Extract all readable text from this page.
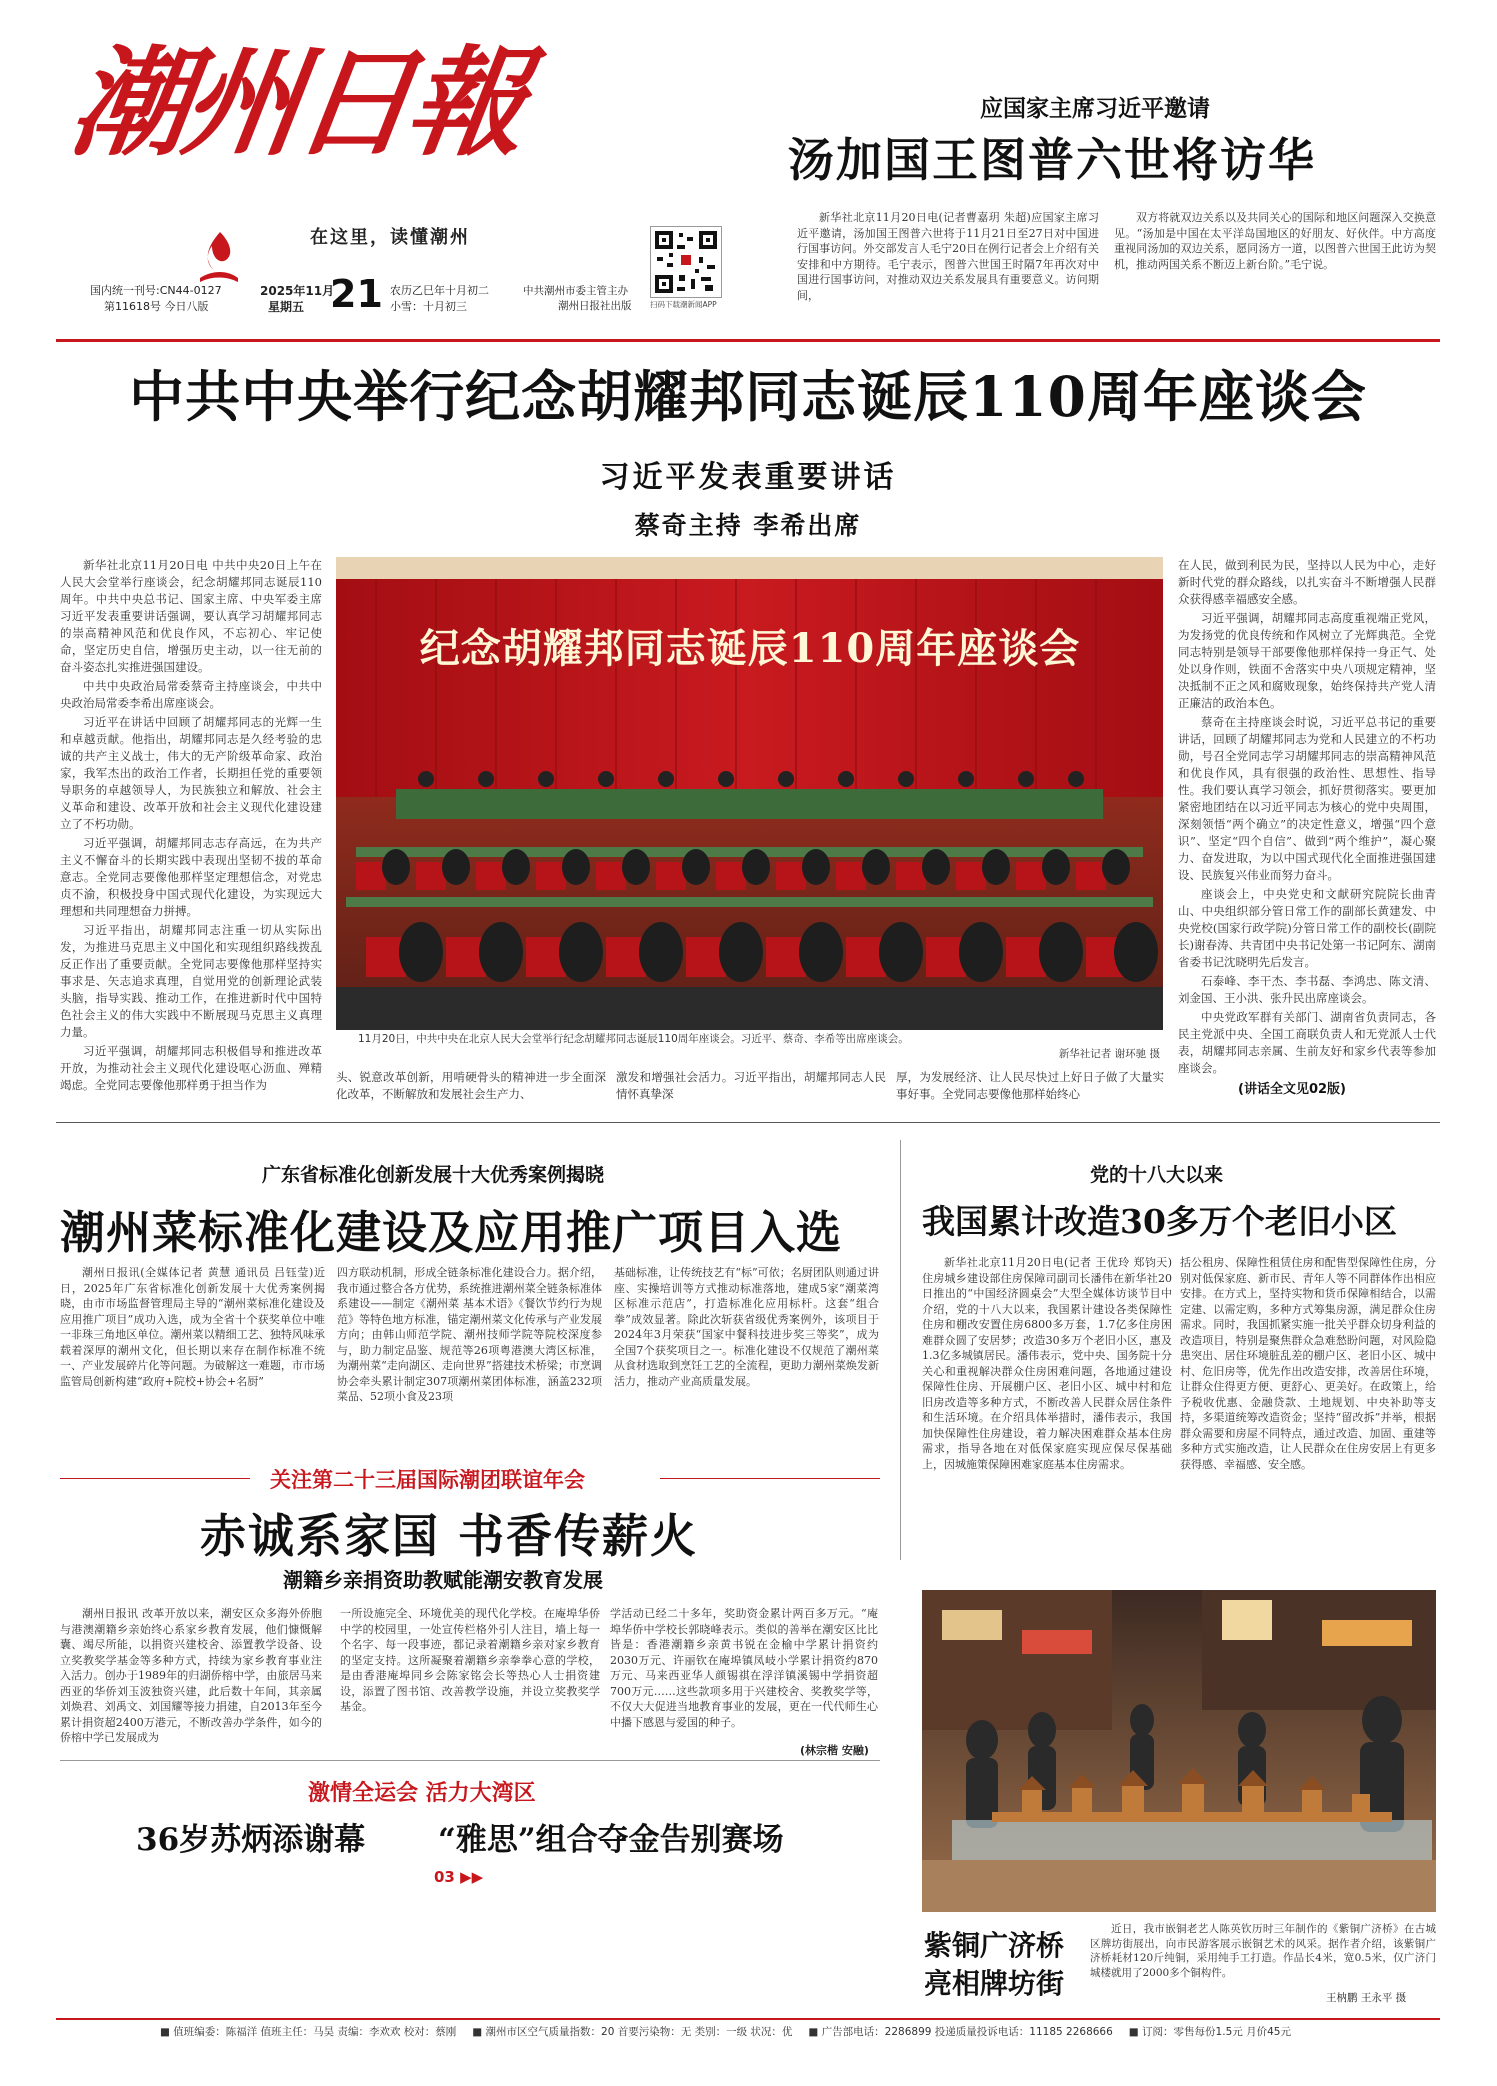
潮州日報
在这里，读懂潮州
国内统一刊号:CN44-0127
第11618号 今日八版
2025年11月
星期五 21 农历乙巳年十月初二
小雪：十月初三
中共潮州市委主管主办
潮州日报社出版 扫码下载潮新闻APP
应国家主席习近平邀请
汤加国王图普六世将访华

新华社北京11月20日电(记者曹嘉玥 朱超)应国家主席习近平邀请，汤加国王图普六世将于11月21日至27日对中国进行国事访问。外交部发言人毛宁20日在例行记者会上介绍有关安排和中方期待。毛宁表示，图普六世国王时隔7年再次对中国进行国事访问，对推动双边关系发展具有重要意义。访问期间，

双方将就双边关系以及共同关心的国际和地区问题深入交换意见。“汤加是中国在太平洋岛国地区的好朋友、好伙伴。中方高度重视同汤加的双边关系，愿同汤方一道，以图普六世国王此访为契机，推动两国关系不断迈上新台阶。”毛宁说。

中共中央举行纪念胡耀邦同志诞辰110周年座谈会
习近平发表重要讲话
蔡奇主持 李希出席

新华社北京11月20日电 中共中央20日上午在人民大会堂举行座谈会，纪念胡耀邦同志诞辰110周年。中共中央总书记、国家主席、中央军委主席习近平发表重要讲话强调，要认真学习胡耀邦同志的崇高精神风范和优良作风，不忘初心、牢记使命，坚定历史自信，增强历史主动，以一往无前的奋斗姿态扎实推进强国建设。

中共中央政治局常委蔡奇主持座谈会，中共中央政治局常委李希出席座谈会。

习近平在讲话中回顾了胡耀邦同志的光辉一生和卓越贡献。他指出，胡耀邦同志是久经考验的忠诚的共产主义战士，伟大的无产阶级革命家、政治家，我军杰出的政治工作者，长期担任党的重要领导职务的卓越领导人，为民族独立和解放、社会主义革命和建设、改革开放和社会主义现代化建设建立了不朽功勋。

习近平强调，胡耀邦同志志存高远，在为共产主义不懈奋斗的长期实践中表现出坚韧不拔的革命意志。全党同志要像他那样坚定理想信念，对党忠贞不渝，积极投身中国式现代化建设，为实现远大理想和共同理想奋力拼搏。

习近平指出，胡耀邦同志注重一切从实际出发，为推进马克思主义中国化和实现组织路线拨乱反正作出了重要贡献。全党同志要像他那样坚持实事求是、矢志追求真理，自觉用党的创新理论武装头脑，指导实践、推动工作，在推进新时代中国特色社会主义的伟大实践中不断展现马克思主义真理力量。

习近平强调，胡耀邦同志积极倡导和推进改革开放，为推动社会主义现代化建设呕心沥血、殚精竭虑。全党同志要像他那样勇于担当作为

纪念胡耀邦同志诞辰110周年座谈会
11月20日，中共中央在北京人民大会堂举行纪念胡耀邦同志诞辰110周年座谈会。习近平、蔡奇、李希等出席座谈会。
新华社记者 谢环驰 摄

头、锐意改革创新，用啃硬骨头的精神进一步全面深化改革，不断解放和发展社会生产力、

激发和增强社会活力。习近平指出，胡耀邦同志人民情怀真挚深

厚，为发展经济、让人民尽快过上好日子做了大量实事好事。全党同志要像他那样始终心

在人民，做到利民为民，坚持以人民为中心，走好新时代党的群众路线，以扎实奋斗不断增强人民群众获得感幸福感安全感。

习近平强调，胡耀邦同志高度重视端正党风，为发扬党的优良传统和作风树立了光辉典范。全党同志特别是领导干部要像他那样保持一身正气、处处以身作则，铁面不舍落实中央八项规定精神，坚决抵制不正之风和腐败现象，始终保持共产党人清正廉洁的政治本色。

蔡奇在主持座谈会时说，习近平总书记的重要讲话，回顾了胡耀邦同志为党和人民建立的不朽功勋，号召全党同志学习胡耀邦同志的崇高精神风范和优良作风，具有很强的政治性、思想性、指导性。我们要认真学习领会，抓好贯彻落实。要更加紧密地团结在以习近平同志为核心的党中央周围，深刻领悟“两个确立”的决定性意义，增强“四个意识”、坚定“四个自信”、做到“两个维护”，凝心聚力、奋发进取，为以中国式现代化全面推进强国建设、民族复兴伟业而努力奋斗。

座谈会上，中央党史和文献研究院院长曲青山、中央组织部分管日常工作的副部长黄建发、中央党校(国家行政学院)分管日常工作的副校长(副院长)谢春涛、共青团中央书记处第一书记阿东、湖南省委书记沈晓明先后发言。

石泰峰、李干杰、李书磊、李鸿忠、陈文清、刘金国、王小洪、张升民出席座谈会。

中央党政军群有关部门、湖南省负责同志，各民主党派中央、全国工商联负责人和无党派人士代表，胡耀邦同志亲属、生前友好和家乡代表等参加座谈会。

(讲话全文见02版)
广东省标准化创新发展十大优秀案例揭晓
潮州菜标准化建设及应用推广项目入选

潮州日报讯(全媒体记者 黄慧 通讯员 吕钰莹)近日，2025年广东省标准化创新发展十大优秀案例揭晓，由市市场监督管理局主导的“潮州菜标准化建设及应用推广项目”成功入选，成为全省十个获奖单位中唯一非珠三角地区单位。潮州菜以精细工艺、独特风味承载着深厚的潮州文化，但长期以来存在制作标准不统一、产业发展碎片化等问题。为破解这一难题，市市场监管局创新构建“政府+院校+协会+名厨”

四方联动机制，形成全链条标准化建设合力。据介绍，我市通过整合各方优势，系统推进潮州菜全链条标准体系建设——制定《潮州菜 基本术语》《餐饮节约行为规范》等特色地方标准，锚定潮州菜文化传承与产业发展方向；由韩山师范学院、潮州技师学院等院校深度参与，助力制定品鉴、规范等26项粤港澳大湾区标准，为潮州菜“走向湖区、走向世界”搭建技术桥梁；市烹调协会牵头累计制定307项潮州菜团体标准，涵盖232项菜品、52项小食及23项

基础标准，让传统技艺有“标”可依；名厨团队则通过讲座、实操培训等方式推动标准落地，建成5家“潮菜湾区标准示范店”，打造标准化应用标杆。这套“组合拳”成效显著。除此次斩获省级优秀案例外，该项目于2024年3月荣获“国家中餐科技进步奖三等奖”，成为全国7个获奖项目之一。标准化建设不仅规范了潮州菜从食材选取到烹饪工艺的全流程，更助力潮州菜焕发新活力，推动产业高质量发展。

党的十八大以来
我国累计改造30多万个老旧小区

新华社北京11月20日电(记者 王优玲 郑钧天)住房城乡建设部住房保障司副司长潘伟在新华社20日推出的“中国经济圆桌会”大型全媒体访谈节目中介绍，党的十八大以来，我国累计建设各类保障性住房和棚改安置住房6800多万套，1.7亿多住房困难群众圆了安居梦；改造30多万个老旧小区，惠及1.3亿多城镇居民。潘伟表示，党中央、国务院十分关心和重视解决群众住房困难问题，各地通过建设保障性住房、开展棚户区、老旧小区、城中村和危旧房改造等多种方式，不断改善人民群众居住条件和生活环境。在介绍具体举措时，潘伟表示，我国加快保障性住房建设，着力解决困难群众基本住房需求，指导各地在对低保家庭实现应保尽保基础上，因城施策保障困难家庭基本住房需求。

括公租房、保障性租赁住房和配售型保障性住房，分别对低保家庭、新市民、青年人等不同群体作出相应安排。在方式上，坚持实物和货币保障相结合，以需定建、以需定购，多种方式筹集房源，满足群众住房需求。同时，我国抓紧实施一批关乎群众切身利益的改造项目，特别是聚焦群众急难愁盼问题，对风险隐患突出、居住环境脏乱差的棚户区、老旧小区、城中村、危旧房等，优先作出改造安排，改善居住环境，让群众住得更方便、更舒心、更美好。在政策上，给予税收优惠、金融贷款、土地规划、中央补助等支持，多渠道统筹改造资金；坚持“留改拆”并举，根据群众需要和房屋不同特点，通过改造、加固、重建等多种方式实施改造，让人民群众在住房安居上有更多获得感、幸福感、安全感。

关注第二十三届国际潮团联谊年会
赤诚系家国 书香传薪火
潮籍乡亲捐资助教赋能潮安教育发展

潮州日报讯 改革开放以来，潮安区众多海外侨胞与港澳潮籍乡亲始终心系家乡教育发展，他们慷慨解囊、竭尽所能，以捐资兴建校舍、添置教学设备、设立奖教奖学基金等多种方式，持续为家乡教育事业注入活力。创办于1989年的归湖侨榕中学，由旅居马来西亚的华侨刘玉波独资兴建，此后数十年间，其亲属刘焕君、刘禹文、刘国耀等接力捐建，自2013年至今累计捐资超2400万港元，不断改善办学条件，如今的侨榕中学已发展成为

一所设施完全、环境优美的现代化学校。在庵埠华侨中学的校园里，一处宣传栏格外引人注目，墙上每一个名字、每一段事迹，都记录着潮籍乡亲对家乡教育的坚定支持。这所凝聚着潮籍乡亲拳拳心意的学校，是由香港庵埠同乡会陈家铭会长等热心人士捐资建设，添置了图书馆、改善教学设施，并设立奖教奖学基金。

学活动已经二十多年，奖助资金累计两百多万元。“庵埠华侨中学校长郭晓峰表示。类似的善举在潮安区比比皆是：香港潮籍乡亲黄书锐在金榆中学累计捐资约2030万元、许丽钦在庵埠镇凤岐小学累计捐资约870万元、马来西亚华人颜锡祺在浮洋镇溪锡中学捐资超700万元……这些款项多用于兴建校舍、奖教奖学等，不仅大大促进当地教育事业的发展，更在一代代师生心中播下感恩与爱国的种子。

(林宗楷 安融)
激情全运会 活力大湾区
36岁苏炳添谢幕 “雅思”组合夺金告别赛场
03 ▶▶
紫铜广济桥
亮相牌坊街

近日，我市嵌铜老艺人陈英钦历时三年制作的《紫铜广济桥》在古城区牌坊街展出，向市民游客展示嵌铜艺术的风采。据作者介绍，该紫铜广济桥耗材120斤纯铜，采用纯手工打造。作品长4米，宽0.5米，仅广济门城楼就用了2000多个铜构件。

王枘鹏 王永平 摄
■ 值班编委：陈福洋 值班主任：马昊 责编：李欢欢 校对：蔡刚 ■ 潮州市区空气质量指数：20 首要污染物：无 类别：一级 状况：优 ■ 广告部电话：2286899 投递质量投诉电话：11185 2268666 ■ 订阅：零售每份1.5元 月价45元
